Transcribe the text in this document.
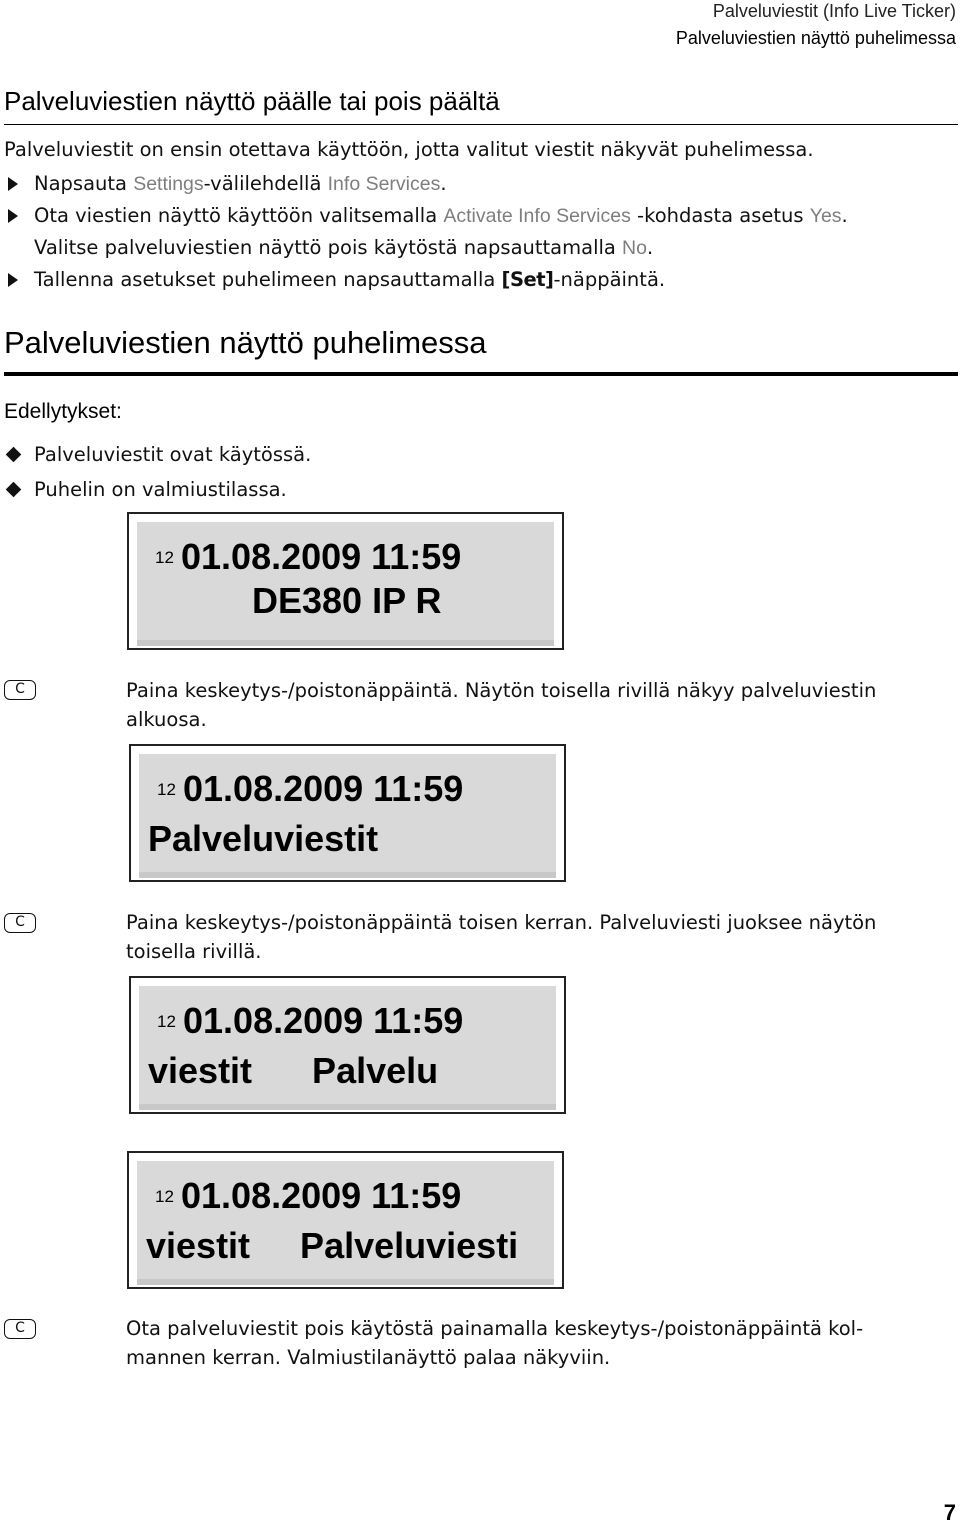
Palveluviestit (Info Live Ticker)
Palveluviestien näyttö puhelimessa
Palveluviestien näyttö päälle tai pois päältä
Palveluviestit on ensin otettava käyttöön, jotta valitut viestit näkyvät puhelimessa.
Napsauta Settings-välilehdellä Info Services.
Ota viestien näyttö käyttöön valitsemalla Activate Info Services -kohdasta asetus Yes.
Valitse palveluviestien näyttö pois käytöstä napsauttamalla No.
Tallenna asetukset puhelimeen napsauttamalla [Set]-näppäintä.
Palveluviestien näyttö puhelimessa
Edellytykset:
Palveluviestit ovat käytössä.
Puhelin on valmiustilassa.
12 01.08.2009 11:59
DE380 IP R
C	Paina keskeytys-/poistonäppäintä. Näytön toisella rivillä näkyy palveluviestin alkuosa.
12 01.08.2009 11:59
Palveluviestit
C	Paina keskeytys-/poistonäppäintä toisen kerran. Palveluviesti juoksee näytön toisella rivillä.
12 01.08.2009 11:59
viestit      Palvelu
12 01.08.2009 11:59
viestit     Palveluviesti
C	Ota palveluviestit pois käytöstä painamalla keskeytys-/poistonäppäintä kol-mannen kerran. Valmiustilanäyttö palaa näkyviin.
7
